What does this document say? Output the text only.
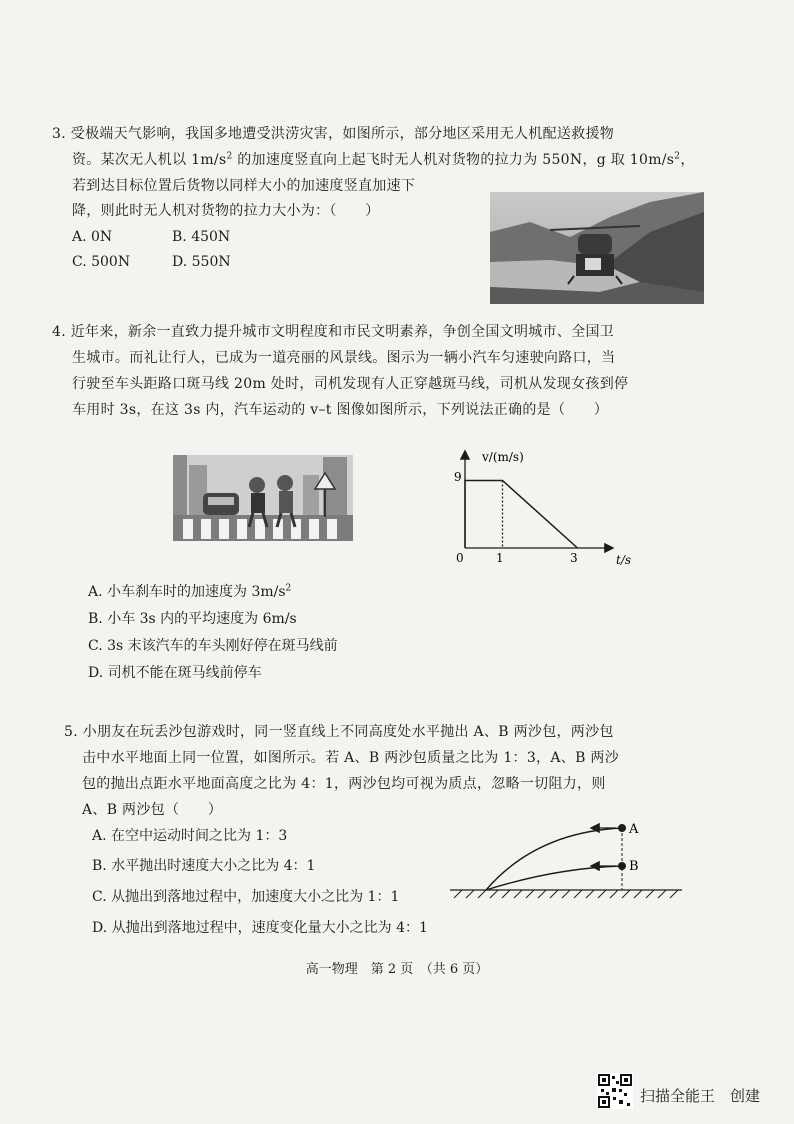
3. 受极端天气影响，我国多地遭受洪涝灾害，如图所示，部分地区采用无人机配送救援物
资。某次无人机以 $1m/s^2$ 的加速度竖直向上起飞时无人机对货物的拉力为 550N，g 取 $10m/s^2$，
若到达目标位置后货物以同样大小的加速度竖直加速下
降，则此时无人机对货物的拉力大小为：（　　）
A. 0N	B. 450N
C. 500N	D. 550N
4. 近年来，新余一直致力提升城市文明程度和市民文明素养，争创全国文明城市、全国卫
生城市。而礼让行人，已成为一道亮丽的风景线。图示为一辆小汽车匀速驶向路口，当
行驶至车头距路口斑马线 20m 处时，司机发现有人正穿越斑马线，司机从发现女孩到停
车用时 3s，在这 3s 内，汽车运动的 v–t 图像如图所示，下列说法正确的是（　　）
v/(m/s)
t/s
9
0	1	3
A. 小车刹车时的加速度为 $3m/s^2$
B. 小车 3s 内的平均速度为 6m/s
C. 3s 末该汽车的车头刚好停在斑马线前
D. 司机不能在斑马线前停车
5. 小朋友在玩丢沙包游戏时，同一竖直线上不同高度处水平抛出 A、B 两沙包，两沙包
击中水平地面上同一位置，如图所示。若 A、B 两沙包质量之比为 1：3，A、B 两沙
包的抛出点距水平地面高度之比为 4：1，两沙包均可视为质点，忽略一切阻力，则
A、B 两沙包（　　）
A. 在空中运动时间之比为 1：3
B. 水平抛出时速度大小之比为 4：1
C. 从抛出到落地过程中，加速度大小之比为 1：1
D. 从抛出到落地过程中，速度变化量大小之比为 4：1
A
B
高一物理　第 2 页　（共 6 页）
扫描全能王　创建
